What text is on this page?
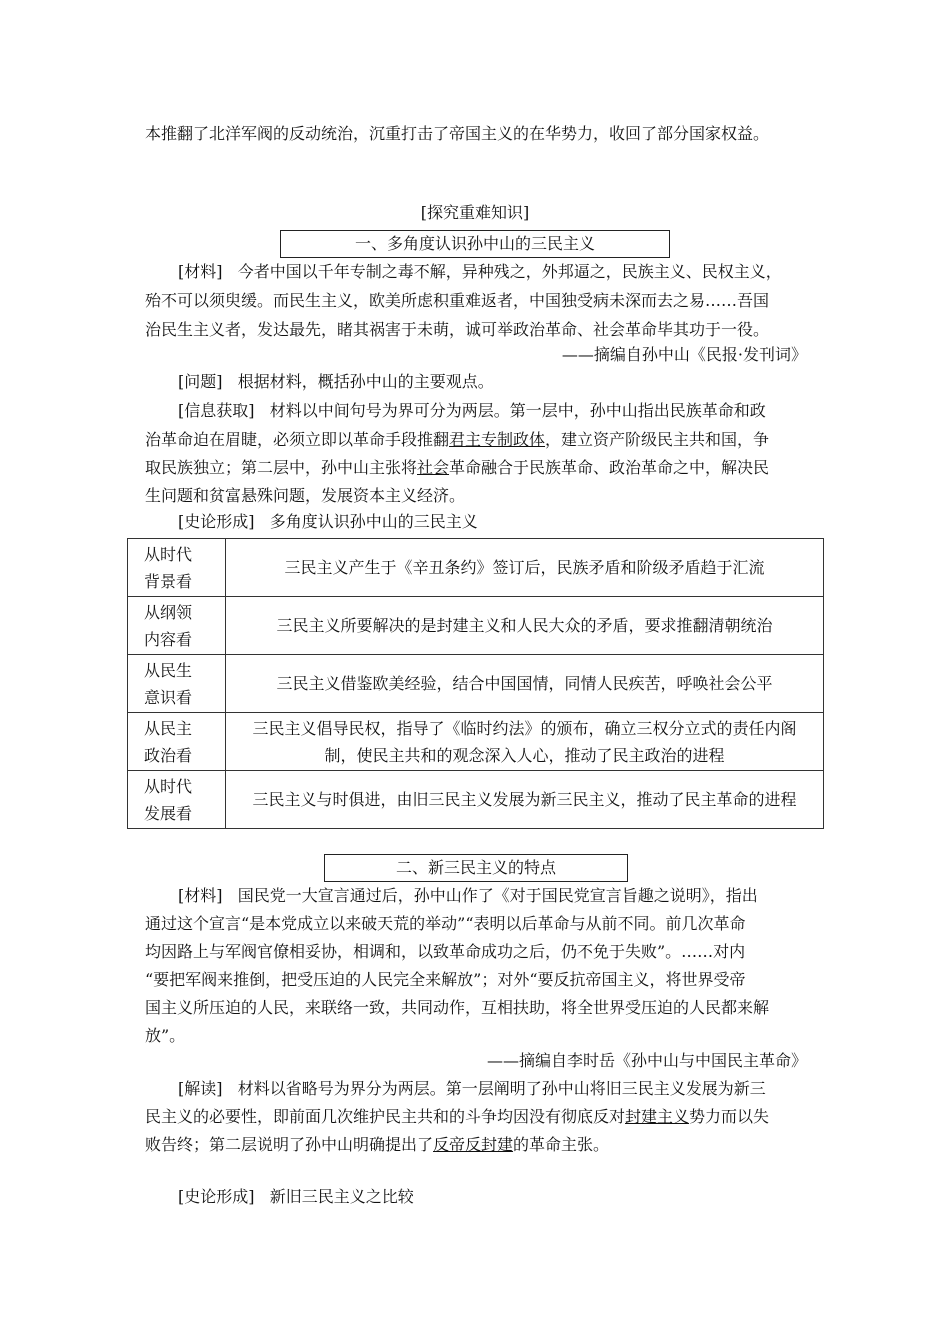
本推翻了北洋军阀的反动统治，沉重打击了帝国主义的在华势力，收回了部分国家权益。
[探究重难知识]
一、多角度认识孙中山的三民主义
[材料] 今者中国以千年专制之毒不解，异种残之，外邦逼之，民族主义、民权主义，
殆不可以须臾缓。而民生主义，欧美所虑积重难返者，中国独受病未深而去之易……吾国
治民生主义者，发达最先，睹其祸害于未萌，诚可举政治革命、社会革命毕其功于一役。
——摘编自孙中山《民报·发刊词》
[问题] 根据材料，概括孙中山的主要观点。
[信息获取] 材料以中间句号为界可分为两层。第一层中，孙中山指出民族革命和政
治革命迫在眉睫，必须立即以革命手段推翻君主专制政体，建立资产阶级民主共和国，争
取民族独立；第二层中，孙中山主张将社会革命融合于民族革命、政治革命之中，解决民
生问题和贫富悬殊问题，发展资本主义经济。
[史论形成] 多角度认识孙中山的三民主义
从时代
背景看	三民主义产生于《辛丑条约》签订后，民族矛盾和阶级矛盾趋于汇流
从纲领
内容看	三民主义所要解决的是封建主义和人民大众的矛盾，要求推翻清朝统治
从民生
意识看	三民主义借鉴欧美经验，结合中国国情，同情人民疾苦，呼唤社会公平
从民主
政治看	三民主义倡导民权，指导了《临时约法》的颁布，确立三权分立式的责任内阁
制，使民主共和的观念深入人心，推动了民主政治的进程
从时代
发展看	三民主义与时俱进，由旧三民主义发展为新三民主义，推动了民主革命的进程
二、新三民主义的特点
[材料] 国民党一大宣言通过后，孙中山作了《对于国民党宣言旨趣之说明》，指出
通过这个宣言“是本党成立以来破天荒的举动”“表明以后革命与从前不同。前几次革命
均因路上与军阀官僚相妥协，相调和，以致革命成功之后，仍不免于失败”。……对内
“要把军阀来推倒，把受压迫的人民完全来解放”；对外“要反抗帝国主义，将世界受帝
国主义所压迫的人民，来联络一致，共同动作，互相扶助，将全世界受压迫的人民都来解
放”。
——摘编自李时岳《孙中山与中国民主革命》
[解读] 材料以省略号为界分为两层。第一层阐明了孙中山将旧三民主义发展为新三
民主义的必要性，即前面几次维护民主共和的斗争均因没有彻底反对封建主义势力而以失
败告终；第二层说明了孙中山明确提出了反帝反封建的革命主张。
[史论形成] 新旧三民主义之比较
